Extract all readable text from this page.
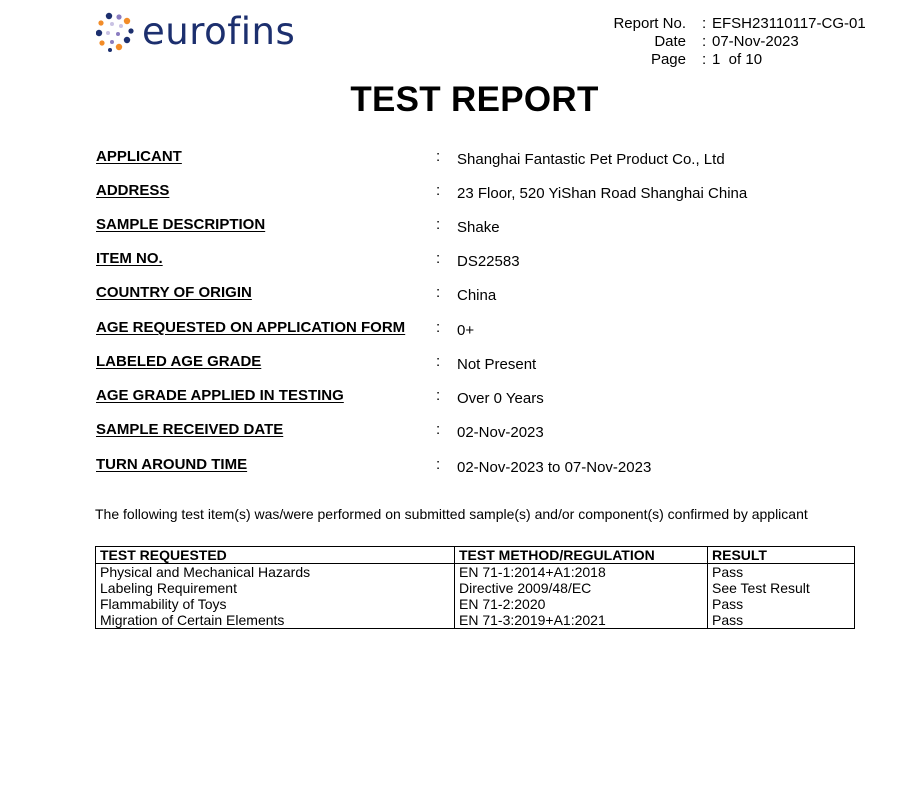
eurofins	Report No.	: EFSH23110117-CG-01
Date	: 07-Nov-2023
Page	: 1  of 10
TEST REPORT
APPLICANT	: Shanghai Fantastic Pet Product Co., Ltd
ADDRESS	: 23 Floor, 520 YiShan Road Shanghai China
SAMPLE DESCRIPTION	: Shake
ITEM NO.	: DS22583
COUNTRY OF ORIGIN	: China
AGE REQUESTED ON APPLICATION FORM : 0+
LABELED AGE GRADE	: Not Present
AGE GRADE APPLIED IN TESTING	: Over 0 Years
SAMPLE RECEIVED DATE	: 02-Nov-2023
TURN AROUND TIME	: 02-Nov-2023 to 07-Nov-2023
The following test item(s) was/were performed on submitted sample(s) and/or component(s) confirmed by applicant
TEST REQUESTED	TEST METHOD/REGULATION	RESULT
Physical and Mechanical Hazards	EN 71-1:2014+A1:2018	Pass
Labeling Requirement	Directive 2009/48/EC	See Test Result
Flammability of Toys	EN 71-2:2020	Pass
Migration of Certain Elements	EN 71-3:2019+A1:2021	Pass
